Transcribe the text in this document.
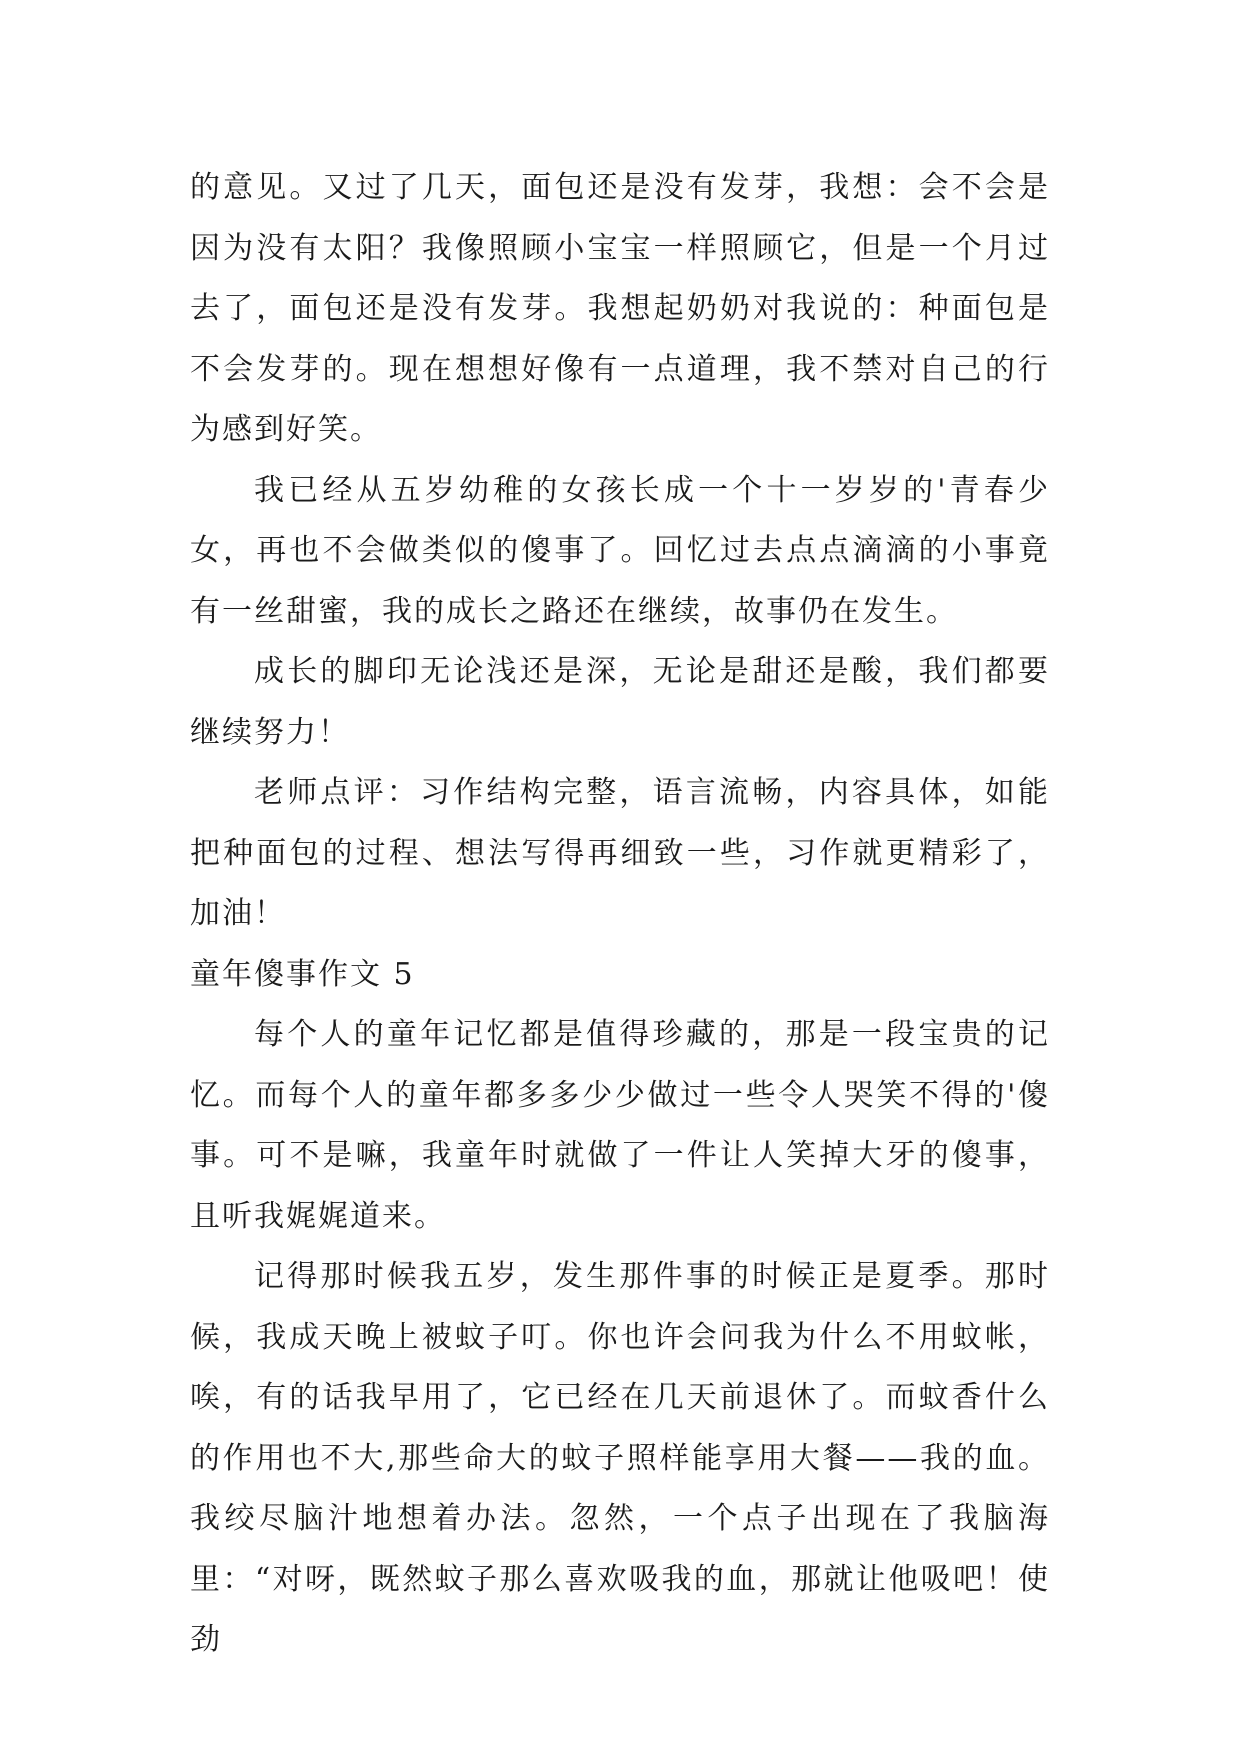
的意见。又过了几天，面包还是没有发芽，我想：会不会是因为没有太阳？我像照顾小宝宝一样照顾它，但是一个月过去了，面包还是没有发芽。我想起奶奶对我说的：种面包是不会发芽的。现在想想好像有一点道理，我不禁对自己的行为感到好笑。

我已经从五岁幼稚的女孩长成一个十一岁岁的'青春少女，再也不会做类似的傻事了。回忆过去点点滴滴的小事竟有一丝甜蜜，我的成长之路还在继续，故事仍在发生。

成长的脚印无论浅还是深，无论是甜还是酸，我们都要继续努力！

老师点评：习作结构完整，语言流畅，内容具体，如能把种面包的过程、想法写得再细致一些，习作就更精彩了，加油！

童年傻事作文 5

每个人的童年记忆都是值得珍藏的，那是一段宝贵的记忆。而每个人的童年都多多少少做过一些令人哭笑不得的'傻事。可不是嘛，我童年时就做了一件让人笑掉大牙的傻事，且听我娓娓道来。

记得那时候我五岁，发生那件事的时候正是夏季。那时候，我成天晚上被蚊子叮。你也许会问我为什么不用蚊帐，唉，有的话我早用了，它已经在几天前退休了。而蚊香什么的作用也不大,那些命大的蚊子照样能享用大餐——我的血。我绞尽脑汁地想着办法。忽然，一个点子出现在了我脑海里：“对呀，既然蚊子那么喜欢吸我的血，那就让他吸吧！使劲
